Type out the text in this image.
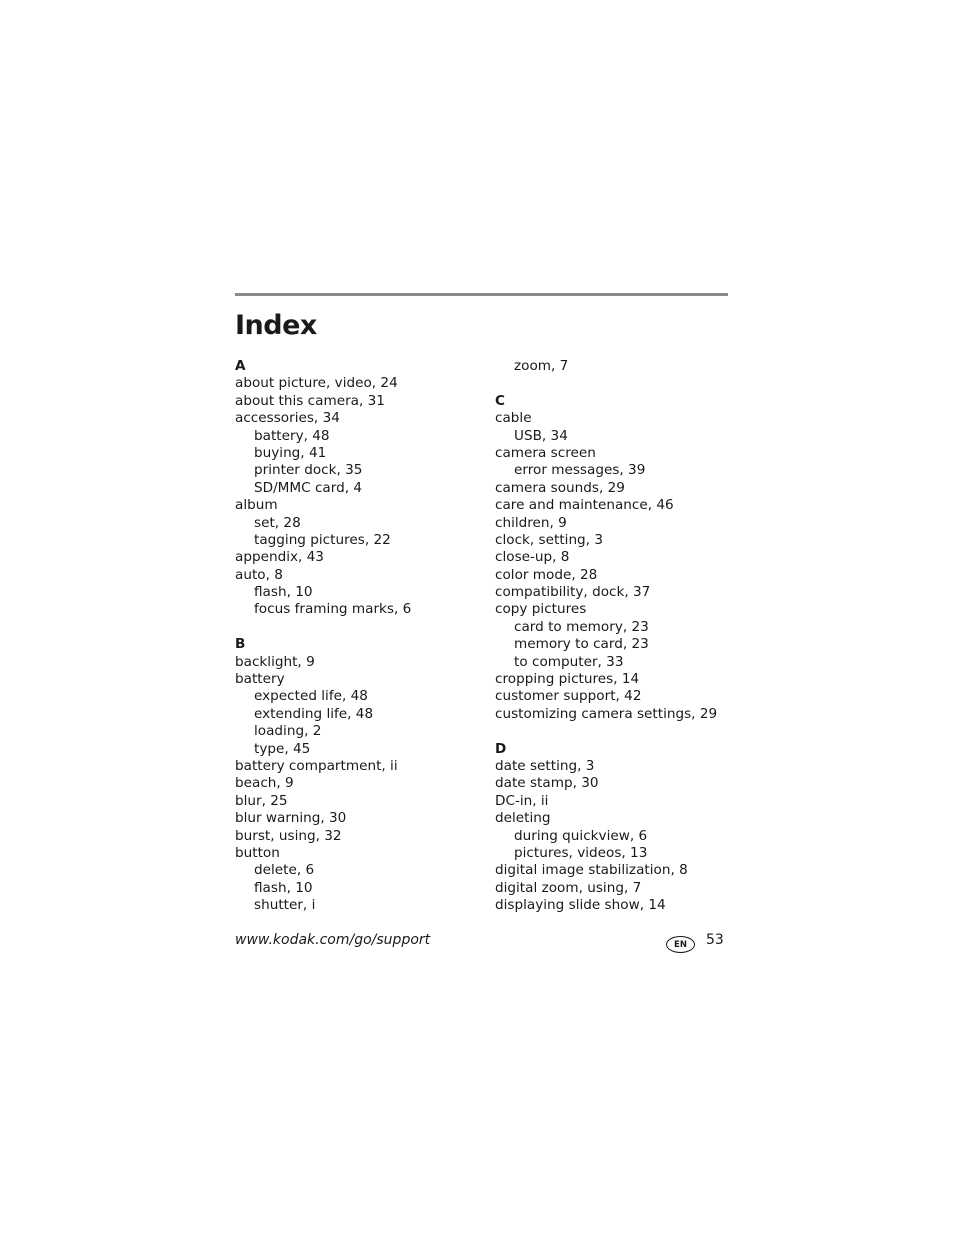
Index
A
about picture, video, 24
about this camera, 31
accessories, 34
battery, 48
buying, 41
printer dock, 35
SD/MMC card, 4
album
set, 28
tagging pictures, 22
appendix, 43
auto, 8
flash, 10
focus framing marks, 6
B
backlight, 9
battery
expected life, 48
extending life, 48
loading, 2
type, 45
battery compartment, ii
beach, 9
blur, 25
blur warning, 30
burst, using, 32
button
delete, 6
flash, 10
shutter, i
zoom, 7
C
cable
USB, 34
camera screen
error messages, 39
camera sounds, 29
care and maintenance, 46
children, 9
clock, setting, 3
close-up, 8
color mode, 28
compatibility, dock, 37
copy pictures
card to memory, 23
memory to card, 23
to computer, 33
cropping pictures, 14
customer support, 42
customizing camera settings, 29
D
date setting, 3
date stamp, 30
DC-in, ii
deleting
during quickview, 6
pictures, videos, 13
digital image stabilization, 8
digital zoom, using, 7
displaying slide show, 14
www.kodak.com/go/support	EN	53
